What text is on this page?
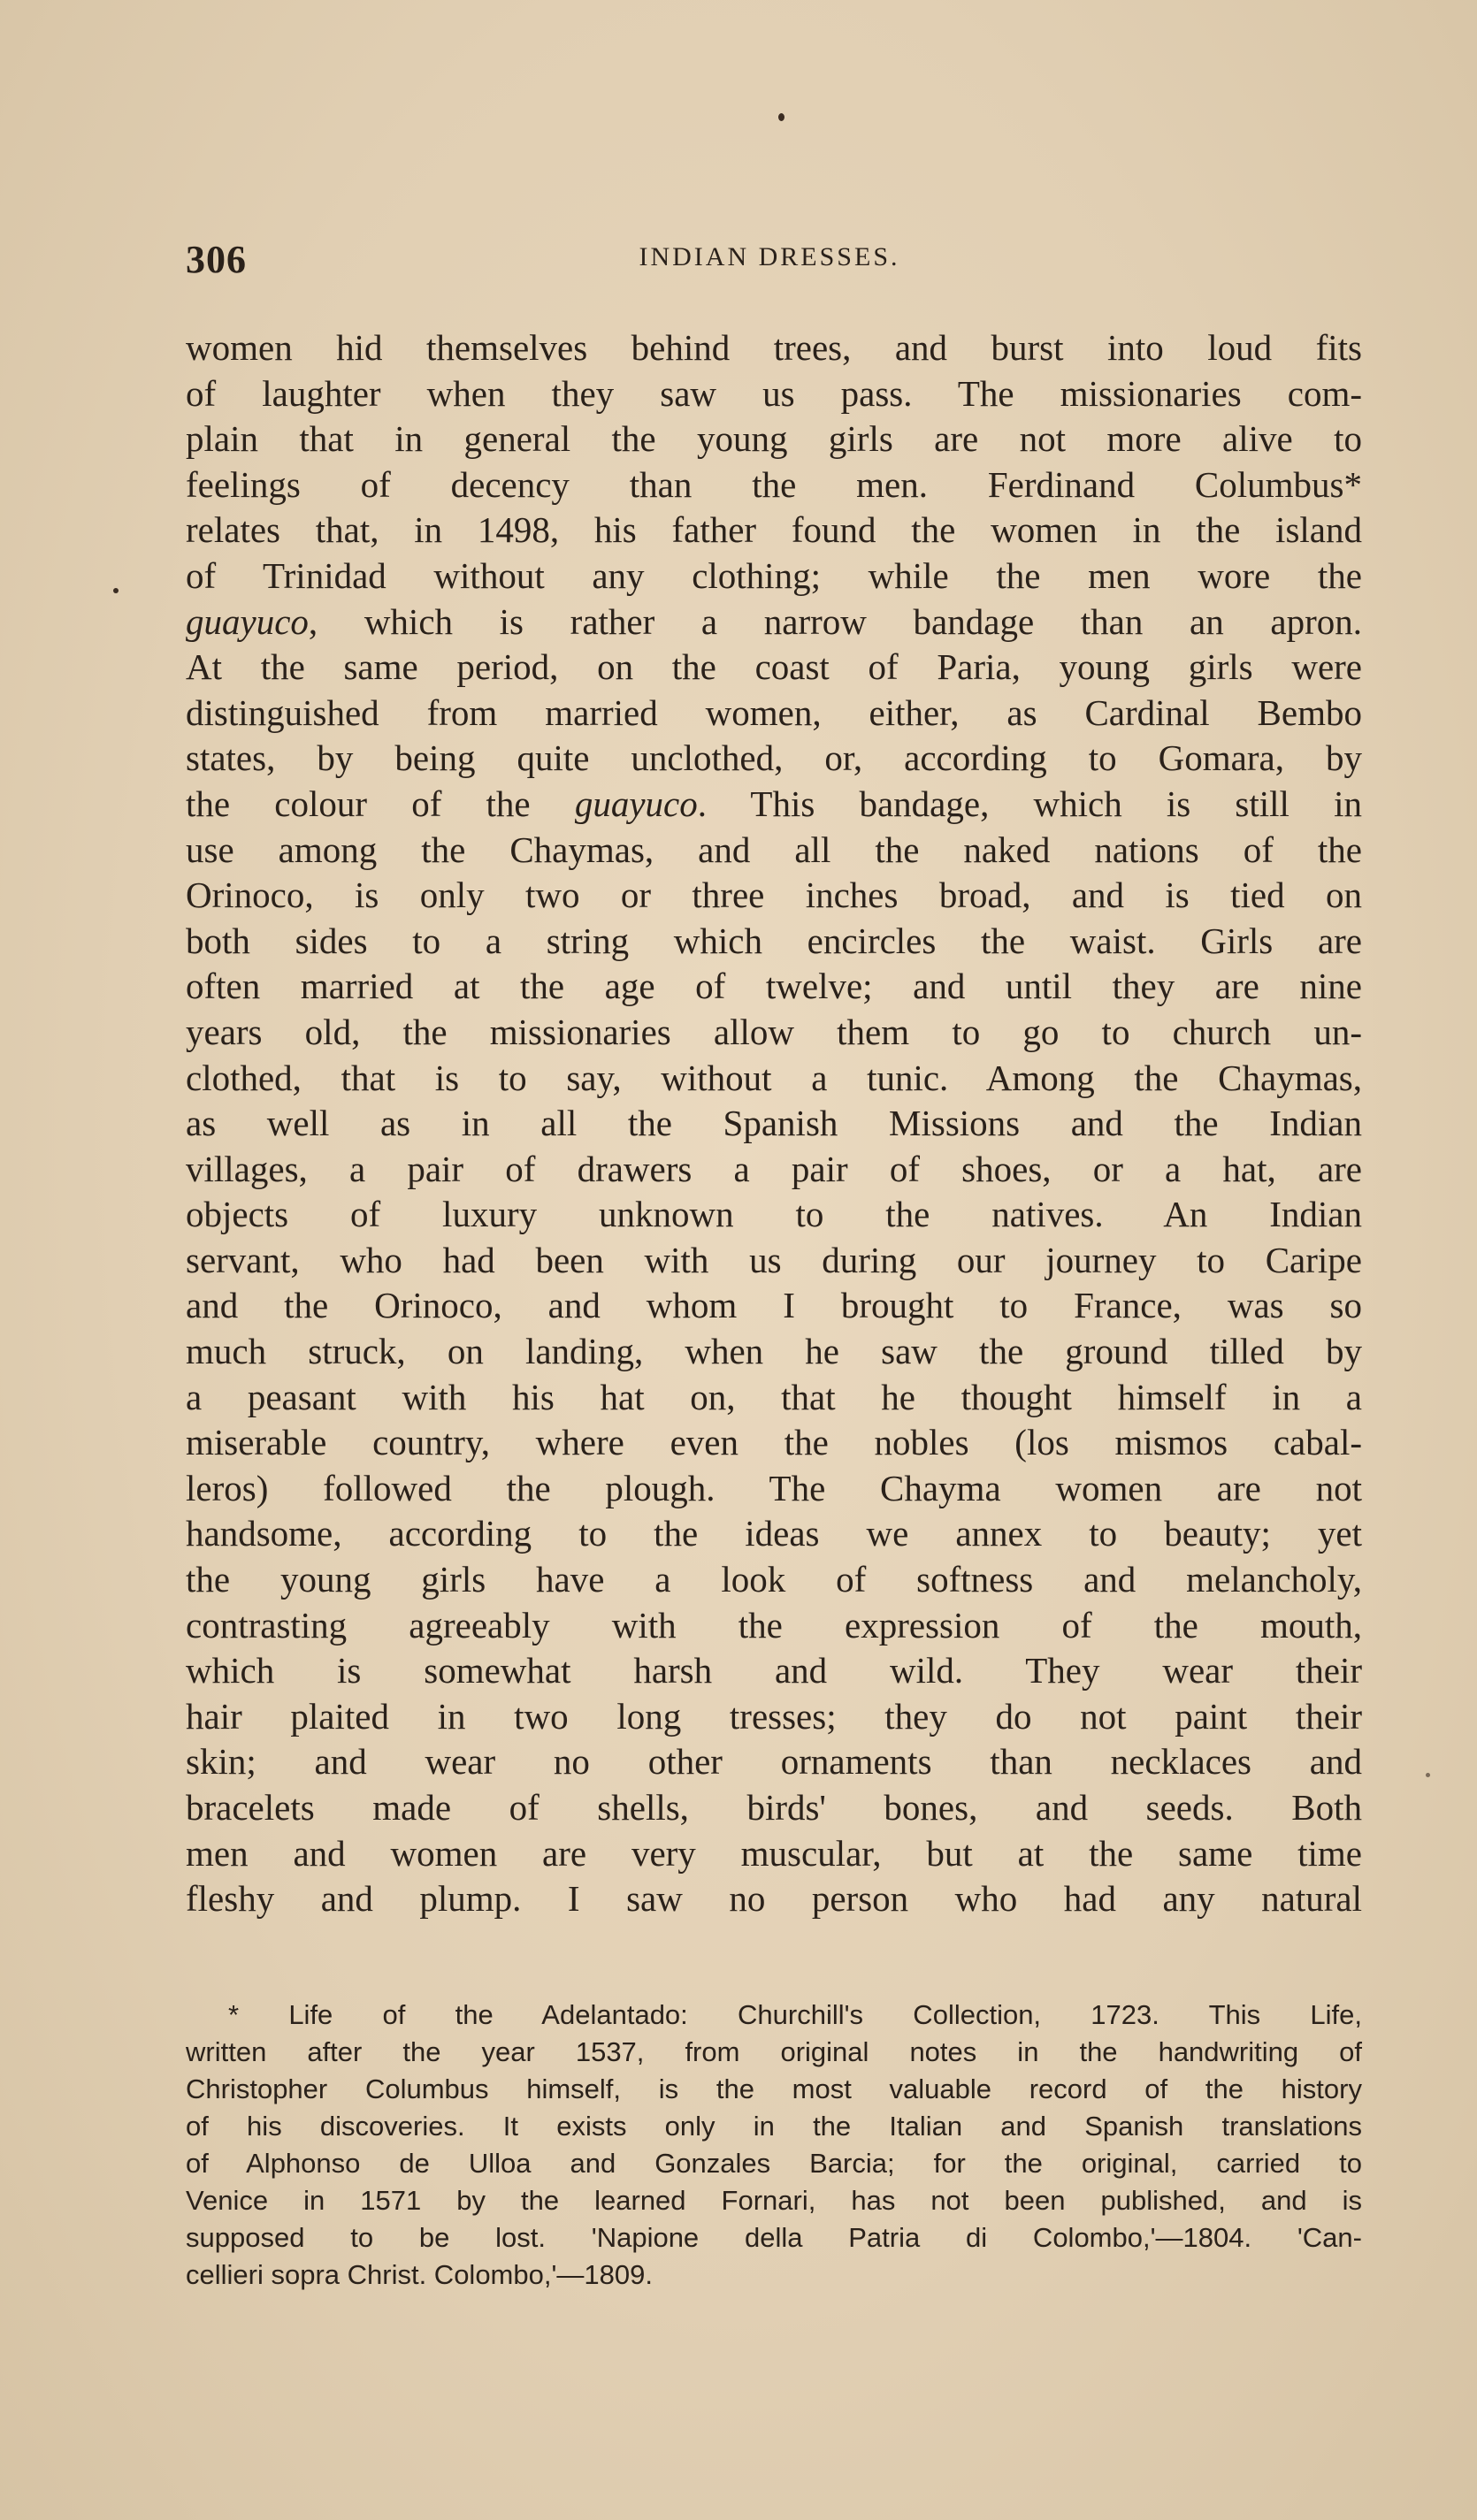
306	INDIAN DRESSES.
women hid themselves behind trees, and burst into loud fits
of laughter when they saw us pass. The missionaries com-
plain that in general the young girls are not more alive to
feelings of decency than the men. Ferdinand Columbus*
relates that, in 1498, his father found the women in the island
of Trinidad without any clothing; while the men wore the
guayuco, which is rather a narrow bandage than an apron.
At the same period, on the coast of Paria, young girls were
distinguished from married women, either, as Cardinal Bembo
states, by being quite unclothed, or, according to Gomara, by
the colour of the guayuco. This bandage, which is still in
use among the Chaymas, and all the naked nations of the
Orinoco, is only two or three inches broad, and is tied on
both sides to a string which encircles the waist. Girls are
often married at the age of twelve; and until they are nine
years old, the missionaries allow them to go to church un-
clothed, that is to say, without a tunic. Among the Chaymas,
as well as in all the Spanish Missions and the Indian
villages, a pair of drawers a pair of shoes, or a hat, are
objects of luxury unknown to the natives. An Indian
servant, who had been with us during our journey to Caripe
and the Orinoco, and whom I brought to France, was so
much struck, on landing, when he saw the ground tilled by
a peasant with his hat on, that he thought himself in a
miserable country, where even the nobles (los mismos cabal-
leros) followed the plough. The Chayma women are not
handsome, according to the ideas we annex to beauty; yet
the young girls have a look of softness and melancholy,
contrasting agreeably with the expression of the mouth,
which is somewhat harsh and wild. They wear their
hair plaited in two long tresses; they do not paint their
skin; and wear no other ornaments than necklaces and
bracelets made of shells, birds' bones, and seeds. Both
men and women are very muscular, but at the same time
fleshy and plump. I saw no person who had any natural
* Life of the Adelantado: Churchill's Collection, 1723. This Life,
written after the year 1537, from original notes in the handwriting of
Christopher Columbus himself, is the most valuable record of the history
of his discoveries. It exists only in the Italian and Spanish translations
of Alphonso de Ulloa and Gonzales Barcia; for the original, carried to
Venice in 1571 by the learned Fornari, has not been published, and is
supposed to be lost. 'Napione della Patria di Colombo,'—1804. 'Can-
cellieri sopra Christ. Colombo,'—1809.
